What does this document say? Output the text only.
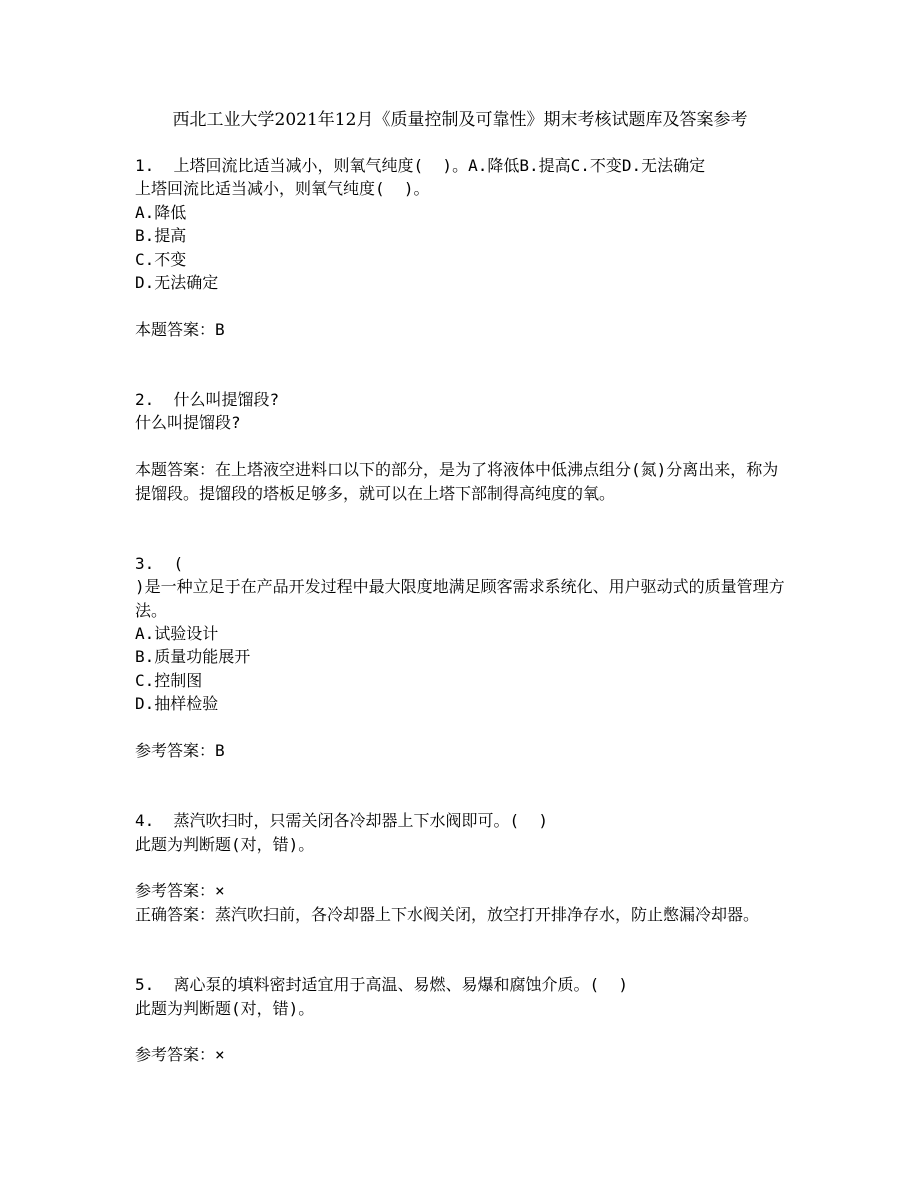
西北工业大学2021年12月《质量控制及可靠性》期末考核试题库及答案参考

1.  上塔回流比适当减小，则氧气纯度(  )。A.降低B.提高C.不变D.无法确定

上塔回流比适当减小，则氧气纯度(  )。

A.降低

B.提高

C.不变

D.无法确定

本题答案：B

2.  什么叫提馏段?

什么叫提馏段?

本题答案：在上塔液空进料口以下的部分，是为了将液体中低沸点组分(氮)分离出来，称为提馏段。提馏段的塔板足够多，就可以在上塔下部制得高纯度的氧。

3.  (

)是一种立足于在产品开发过程中最大限度地满足顾客需求系统化、用户驱动式的质量管理方法。

A.试验设计

B.质量功能展开

C.控制图

D.抽样检验

参考答案：B

4.  蒸汽吹扫时，只需关闭各冷却器上下水阀即可。(  )

此题为判断题(对，错)。

参考答案：×

正确答案：蒸汽吹扫前，各冷却器上下水阀关闭，放空打开排净存水，防止憋漏冷却器。

5.  离心泵的填料密封适宜用于高温、易燃、易爆和腐蚀介质。(  )

此题为判断题(对，错)。

参考答案：×
